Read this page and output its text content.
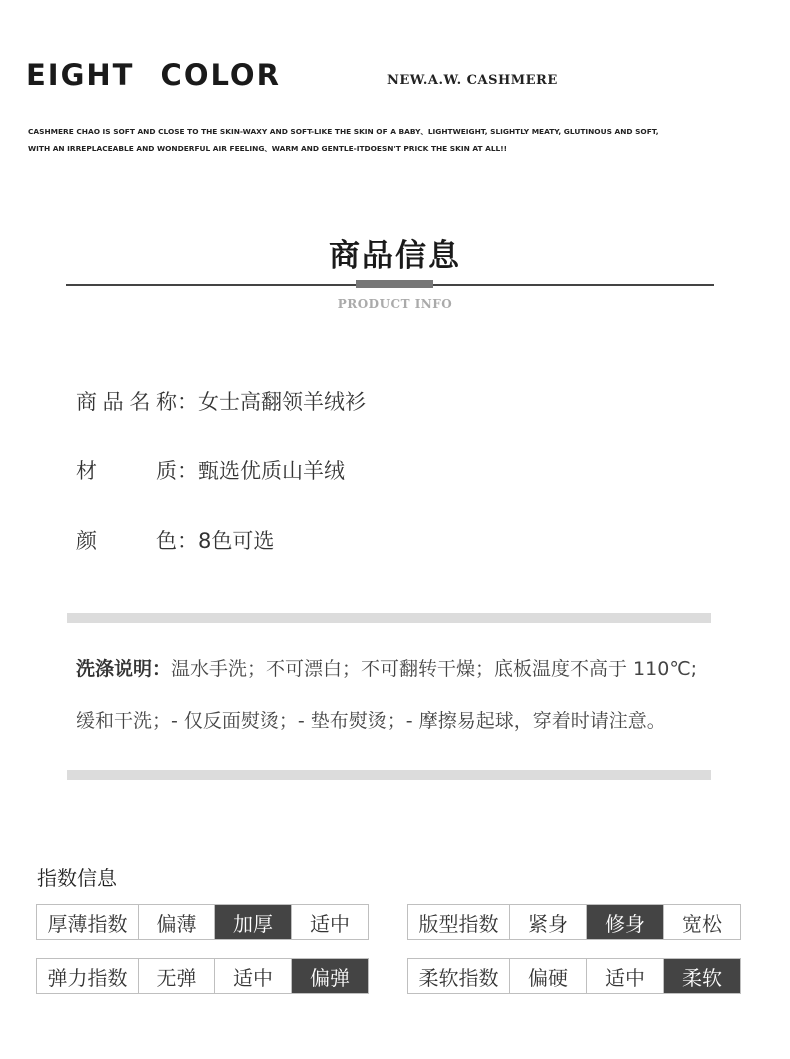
EIGHT COLOR	NEW.A.W. CASHMERE
CASHMERE CHAO IS SOFT AND CLOSE TO THE SKIN-WAXY AND SOFT-LIKE THE SKIN OF A BABY、LIGHTWEIGHT, SLIGHTLY MEATY, GLUTINOUS AND SOFT,
WITH AN IRREPLACEABLE AND WONDERFUL AIR FEELING、WARM AND GENTLE-ITDOESN'T PRICK THE SKIN AT ALL!!
商品信息
PRODUCT INFO
商 品 名 称 ： 女士高翻领羊绒衫
材	质 ： 甄选优质山羊绒
颜	色 ： 8色可选
洗涤说明：温水手洗；不可漂白；不可翻转干燥；底板温度不高于 110℃;
缓和干洗；- 仅反面熨烫；- 垫布熨烫；- 摩擦易起球，穿着时请注意。
指数信息
厚薄指数	偏薄	加厚	适中	版型指数	紧身	修身	宽松
弹力指数	无弹	适中	偏弹	柔软指数	偏硬	适中	柔软
